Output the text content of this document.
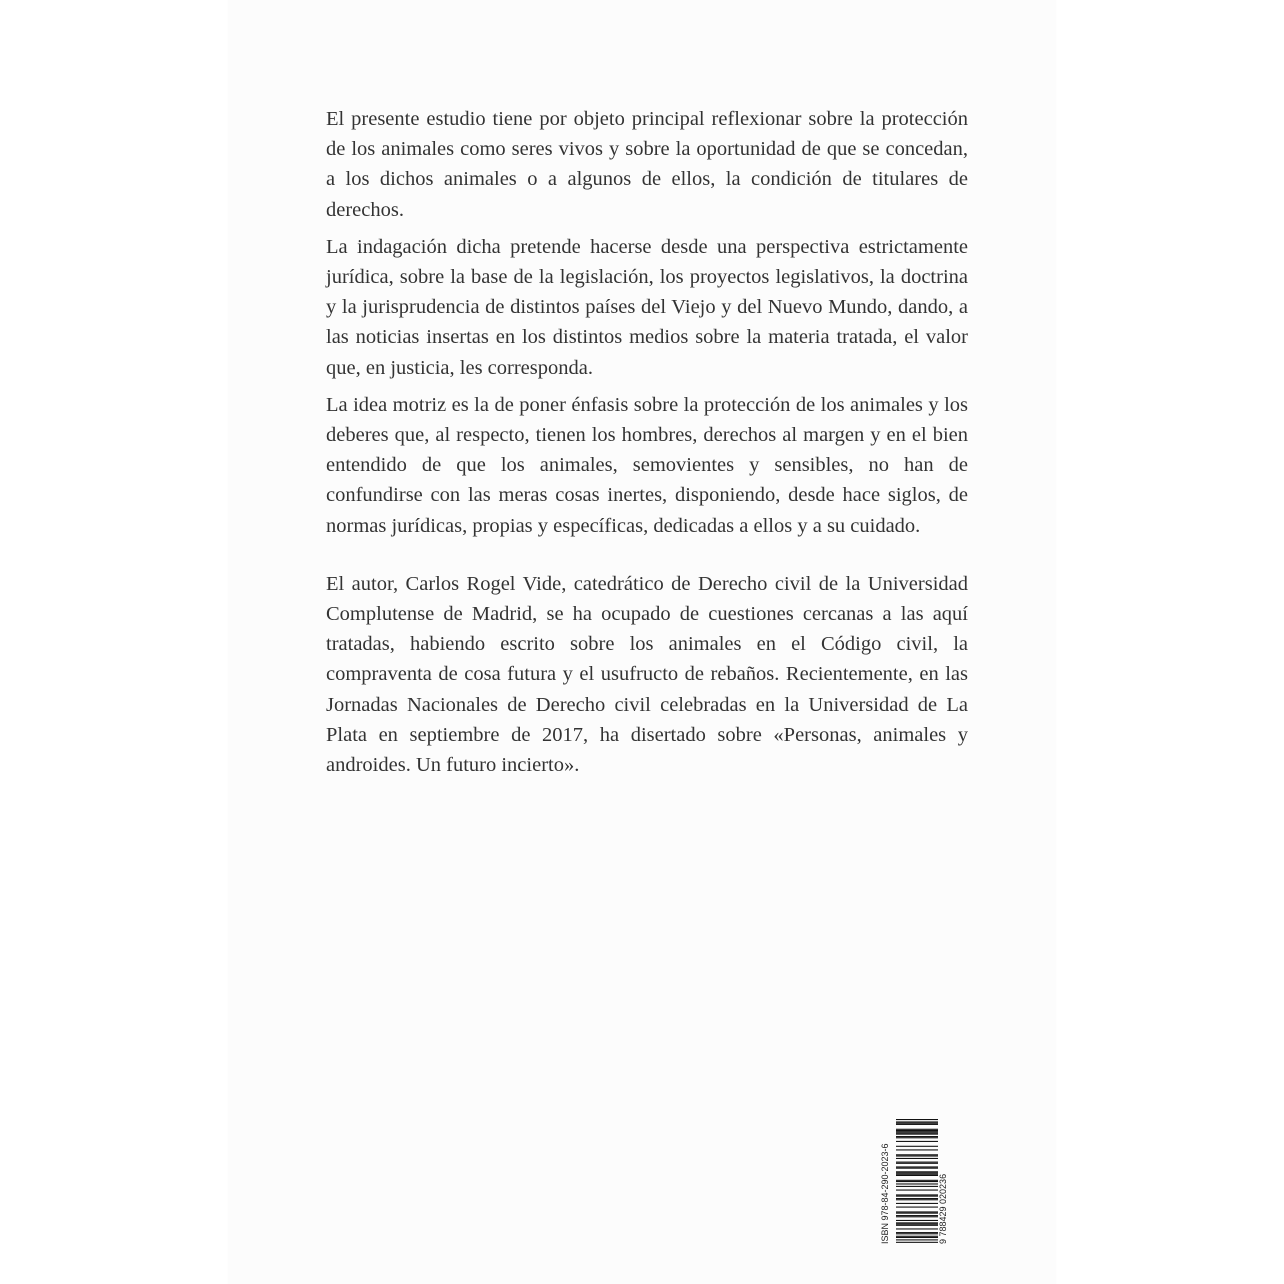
El presente estudio tiene por objeto principal reflexionar sobre la protección de los animales como seres vivos y sobre la oportunidad de que se concedan, a los dichos animales o a algunos de ellos, la condición de titulares de derechos.

La indagación dicha pretende hacerse desde una perspectiva estrictamente jurídica, sobre la base de la legislación, los proyectos legislativos, la doctrina y la jurisprudencia de distintos países del Viejo y del Nuevo Mundo, dando, a las noticias insertas en los distintos medios sobre la materia tratada, el valor que, en justicia, les corresponda.

La idea motriz es la de poner énfasis sobre la protección de los animales y los deberes que, al respecto, tienen los hombres, derechos al margen y en el bien entendido de que los animales, semovientes y sensibles, no han de confundirse con las meras cosas inertes, disponiendo, desde hace siglos, de normas jurídicas, propias y específicas, dedicadas a ellos y a su cuidado.

El autor, Carlos Rogel Vide, catedrático de Derecho civil de la Universidad Complutense de Madrid, se ha ocupado de cuestiones cercanas a las aquí tratadas, habiendo escrito sobre los animales en el Código civil, la compraventa de cosa futura y el usufructo de rebaños. Recientemente, en las Jornadas Nacionales de Derecho civil celebradas en la Universidad de La Plata en septiembre de 2017, ha disertado sobre «Personas, animales y androides. Un futuro incierto».

ISBN 978-84-290-2023-6	9 788429 020236
